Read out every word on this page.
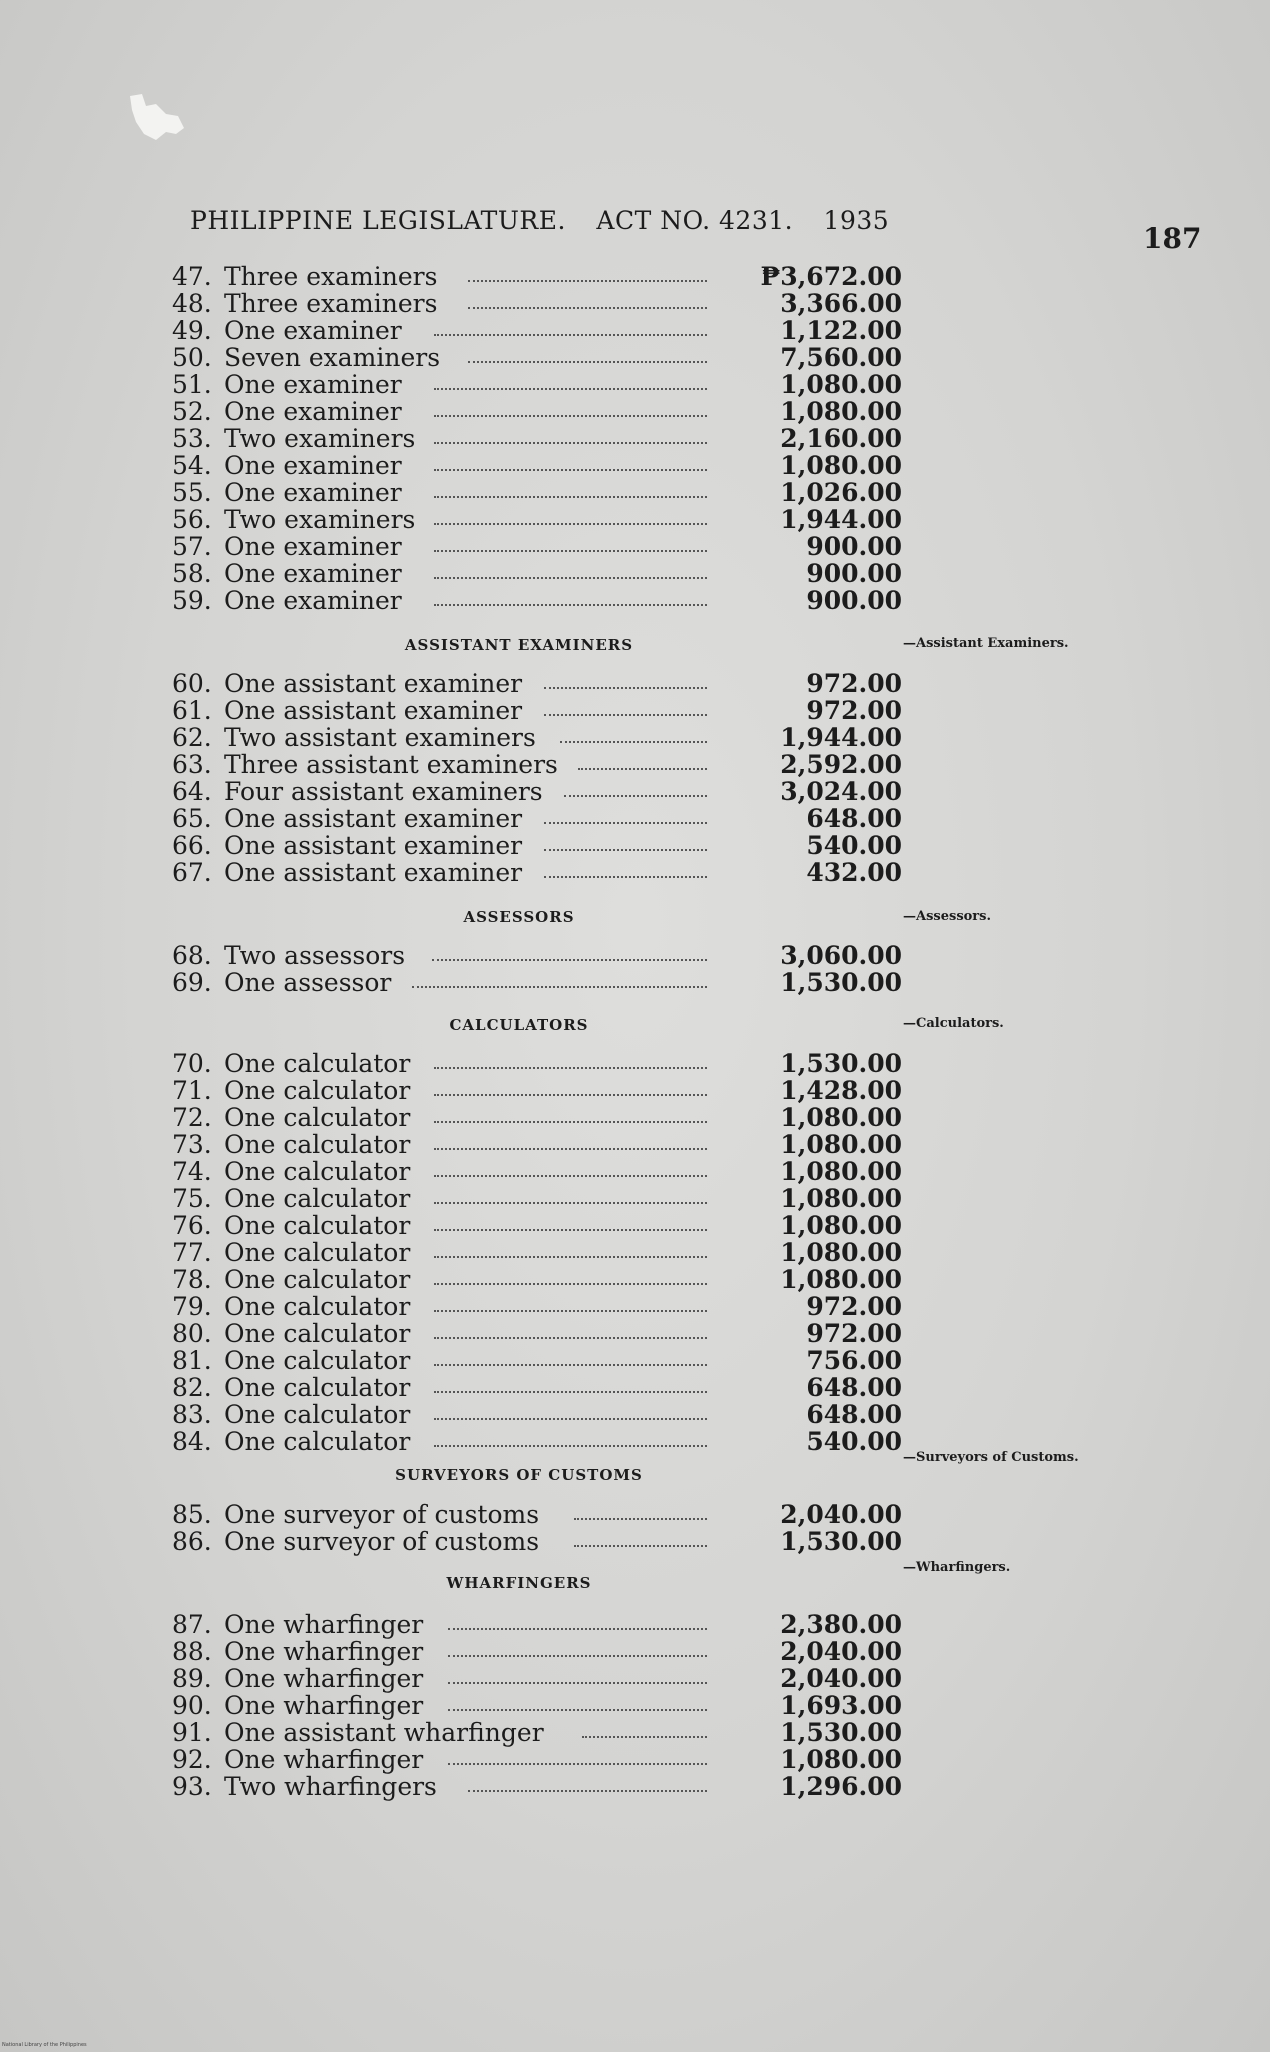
PHILIPPINE LEGISLATURE. ACT NO. 4231. 1935
187
47. Three examiners	₱3,672.00
48. Three examiners	3,366.00
49. One examiner	1,122.00
50. Seven examiners	7,560.00
51. One examiner	1,080.00
52. One examiner	1,080.00
53. Two examiners	2,160.00
54. One examiner	1,080.00
55. One examiner	1,026.00
56. Two examiners	1,944.00
57. One examiner	900.00
58. One examiner	900.00
59. One examiner	900.00
ASSISTANT EXAMINERS	—Assistant Examiners.
60. One assistant examiner	972.00
61. One assistant examiner	972.00
62. Two assistant examiners	1,944.00
63. Three assistant examiners	2,592.00
64. Four assistant examiners	3,024.00
65. One assistant examiner	648.00
66. One assistant examiner	540.00
67. One assistant examiner	432.00
ASSESSORS	—Assessors.
68. Two assessors	3,060.00
69. One assessor	1,530.00
CALCULATORS	—Calculators.
70. One calculator	1,530.00
71. One calculator	1,428.00
72. One calculator	1,080.00
73. One calculator	1,080.00
74. One calculator	1,080.00
75. One calculator	1,080.00
76. One calculator	1,080.00
77. One calculator	1,080.00
78. One calculator	1,080.00
79. One calculator	972.00
80. One calculator	972.00
81. One calculator	756.00
82. One calculator	648.00
83. One calculator	648.00
84. One calculator	540.00
—Surveyors of Customs.
SURVEYORS OF CUSTOMS
85. One surveyor of customs	2,040.00
86. One surveyor of customs	1,530.00
—Wharfingers.
WHARFINGERS
87. One wharfinger	2,380.00
88. One wharfinger	2,040.00
89. One wharfinger	2,040.00
90. One wharfinger	1,693.00
91. One assistant wharfinger	1,530.00
92. One wharfinger	1,080.00
93. Two wharfingers	1,296.00
National Library of the Philippines
